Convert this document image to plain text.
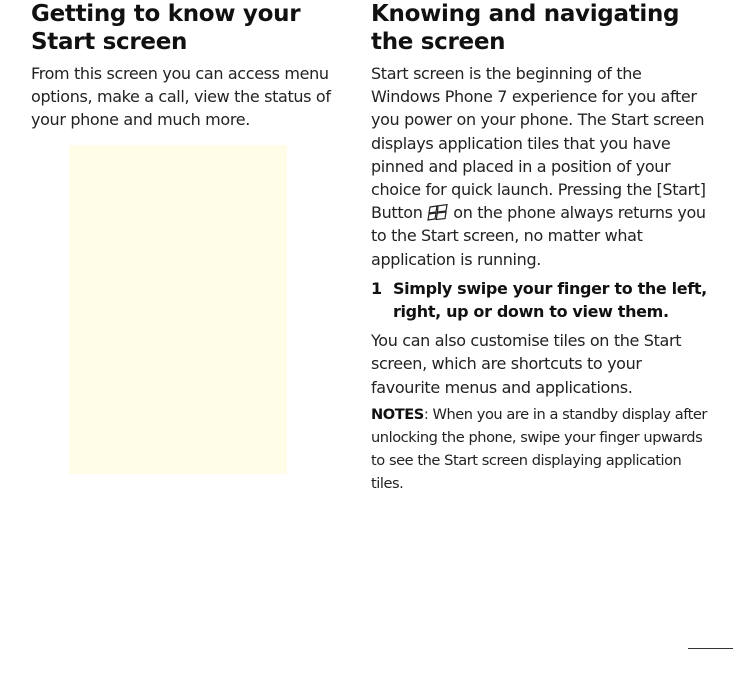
Getting to know your Start screen

From this screen you can access menu options, make a call, view the status of your phone and much more.

Knowing and navigating the screen

Start screen is the beginning of the Windows Phone 7 experience for you after you power on your phone. The Start screen displays application tiles that you have pinned and placed in a position of your choice for quick launch. Pressing the [Start] Button on the phone always returns you to the Start screen, no matter what application is running.

1 Simply swipe your finger to the left, right, up or down to view them.

You can also customise tiles on the Start screen, which are shortcuts to your favourite menus and applications.

NOTES: When you are in a standby display after unlocking the phone, swipe your finger upwards to see the Start screen displaying application tiles.
